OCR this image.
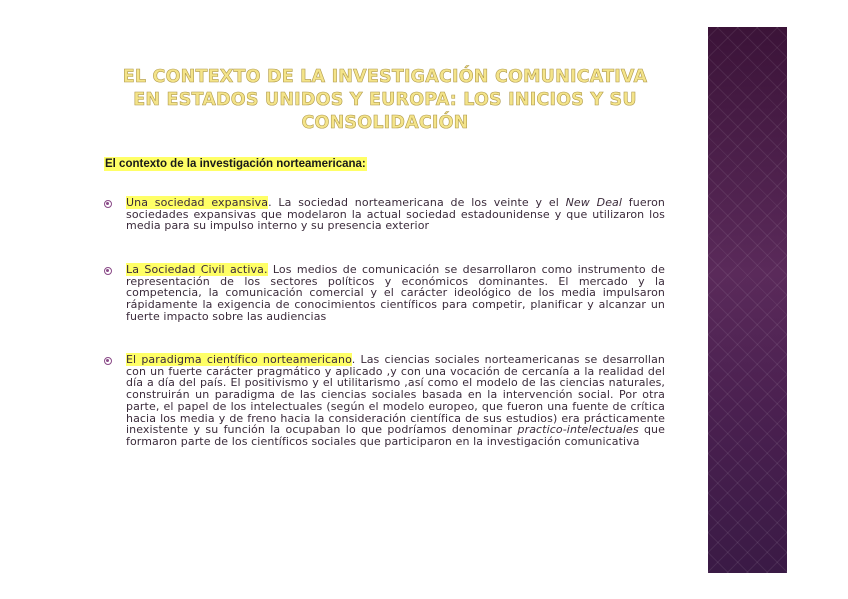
EL CONTEXTO DE LA INVESTIGACIÓN COMUNICATIVA EN ESTADOS UNIDOS Y EUROPA: LOS INICIOS Y SU CONSOLIDACIÓN
El contexto de la investigación norteamericana:
Una sociedad expansiva. La sociedad norteamericana de los veinte y el New Deal fueron sociedades expansivas que modelaron la actual sociedad estadounidense y que utilizaron los media para su impulso interno y su presencia exterior
La Sociedad Civil activa. Los medios de comunicación se desarrollaron como instrumento de representación de los sectores políticos y económicos dominantes. El mercado y la competencia, la comunicación comercial y el carácter ideológico de los media impulsaron rápidamente la exigencia de conocimientos científicos para competir, planificar y alcanzar un fuerte impacto sobre las audiencias
El paradigma científico norteamericano. Las ciencias sociales norteamericanas se desarrollan con un fuerte carácter pragmático y aplicado ,y con una vocación de cercanía a la realidad del día a día del país. El positivismo y el utilitarismo ,así como el modelo de las ciencias naturales, construirán un paradigma de las ciencias sociales basada en la intervención social. Por otra parte, el papel de los intelectuales (según el modelo europeo, que fueron una fuente de crítica hacia los media y de freno hacia la consideración científica de sus estudios) era prácticamente inexistente y su función la ocupaban lo que podríamos denominar practico-intelectuales que formaron parte de los científicos sociales que participaron en la investigación comunicativa
